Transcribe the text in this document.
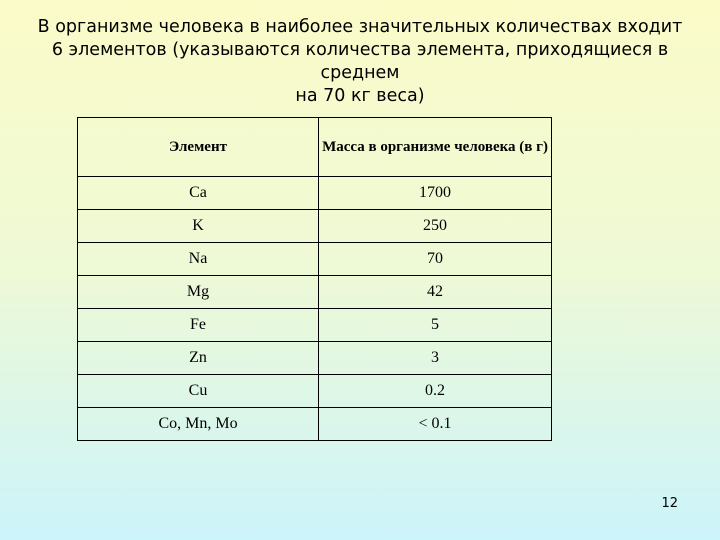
В организме человека в наиболее значительных количествах входит
6 элементов (указываются количества элемента, приходящиеся в
среднем
на 70 кг веса)
Элемент	Масса в организме человека (в г)
Ca	1700
K	250
Na	70
Mg	42
Fe	5
Zn	3
Cu	0.2
Co, Mn, Mo	< 0.1
12
